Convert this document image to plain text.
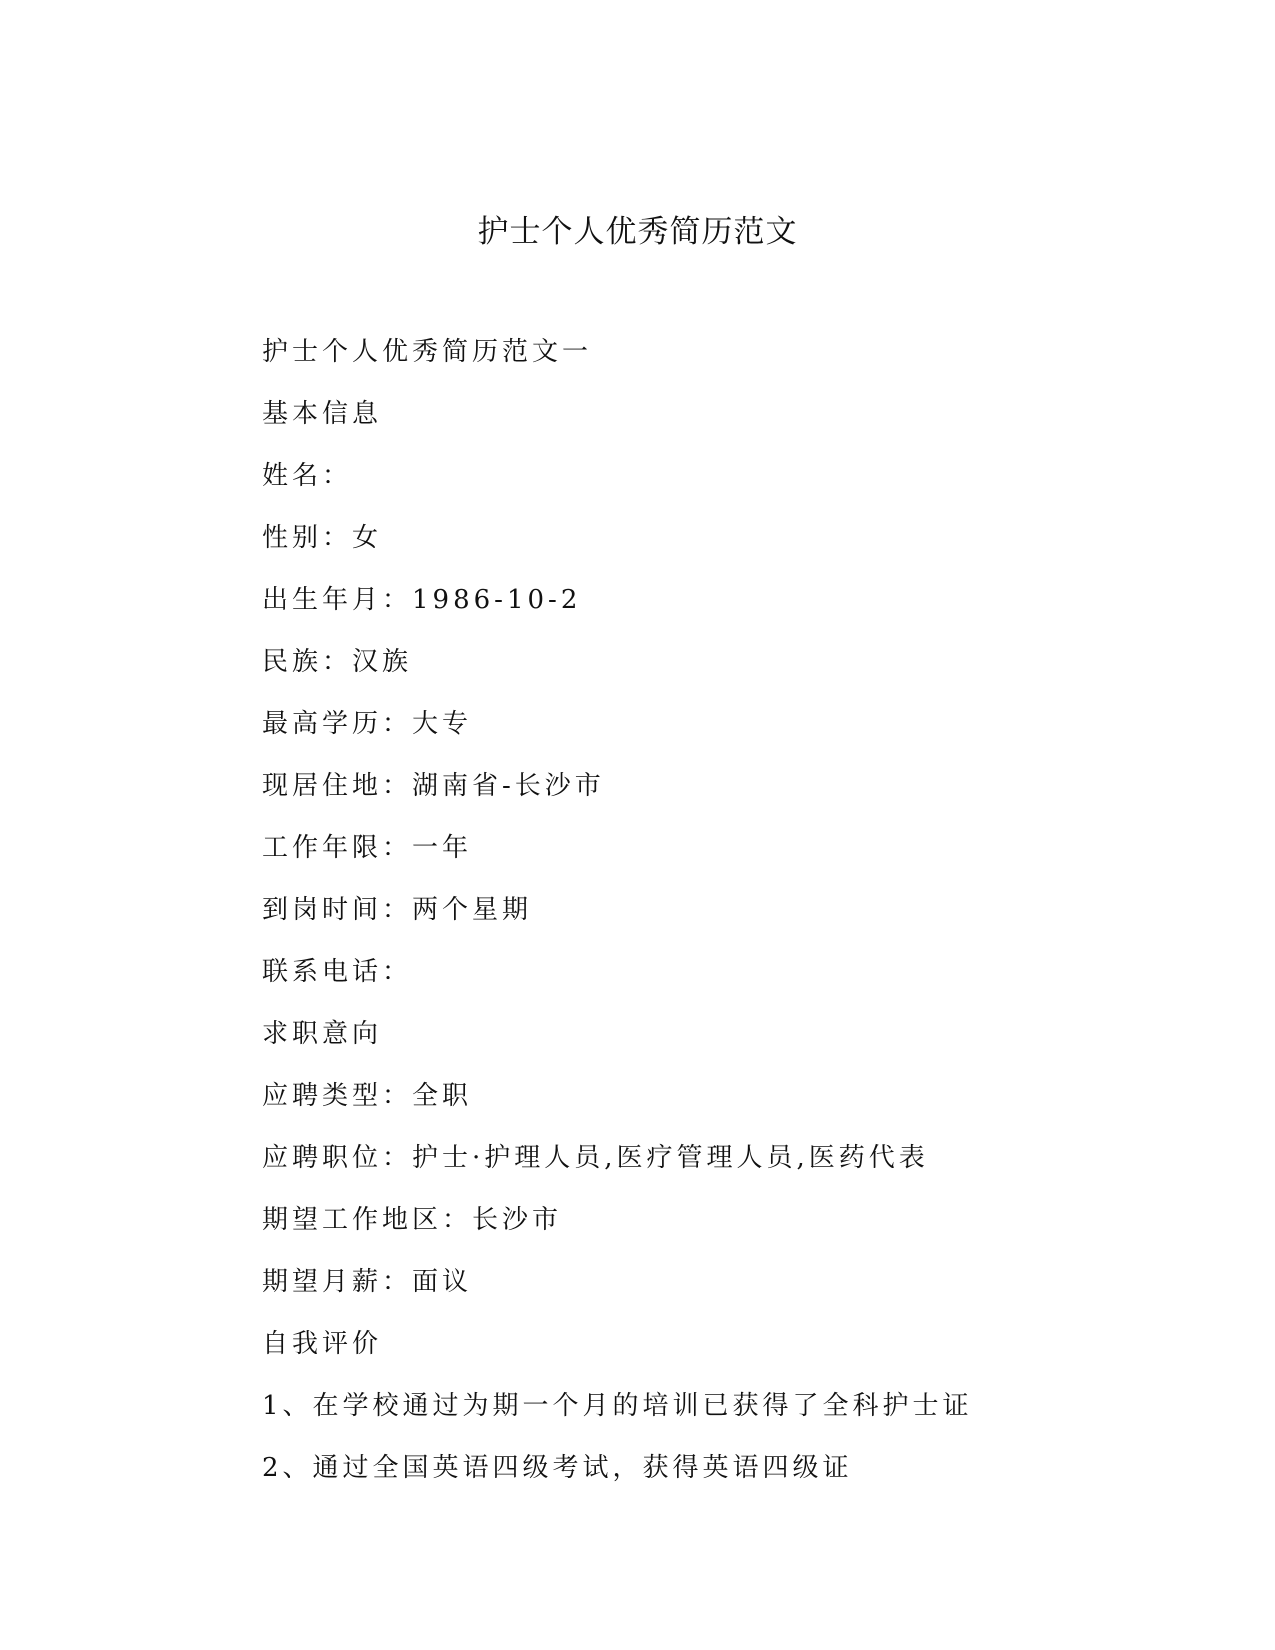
护士个人优秀简历范文

护士个人优秀简历范文一

基本信息

姓名：

性别：女

出生年月：1986-10-2

民族：汉族

最高学历：大专

现居住地：湖南省-长沙市

工作年限：一年

到岗时间：两个星期

联系电话：

求职意向

应聘类型：全职

应聘职位：护士·护理人员,医疗管理人员,医药代表

期望工作地区：长沙市

期望月薪：面议

自我评价

1、在学校通过为期一个月的培训已获得了全科护士证

2、通过全国英语四级考试，获得英语四级证
